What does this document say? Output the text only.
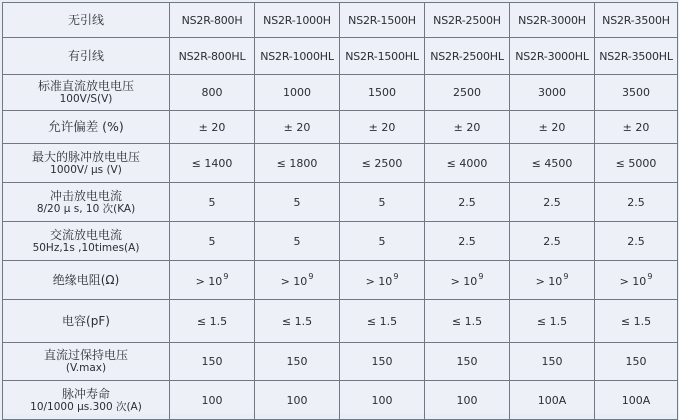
无引线	NS2R-800H	NS2R-1000H	NS2R-1500H	NS2R-2500H	NS2R-3000H	NS2R-3500H
有引线	NS2R-800HL	NS2R-1000HL	NS2R-1500HL	NS2R-2500HL	NS2R-3000HL	NS2R-3500HL
标准直流放电电压
100V/S(V)	800	1000	1500	2500	3000	3500
允许偏差 (%)	± 20	± 20	± 20	± 20	± 20	± 20
最大的脉冲放电电压
1000V/ µs (V)	≤ 1400	≤ 1800	≤ 2500	≤ 4000	≤ 4500	≤ 5000
冲击放电电流
8/20 µ s, 10 次(KA)	5	5	5	2.5	2.5	2.5
交流放电电流
50Hz,1s ,10times(A)	5	5	5	2.5	2.5	2.5
绝缘电阻(Ω)	> $10^9$	> $10^9$	> $10^9$	> $10^9$	> $10^9$	> $10^9$
电容(pF)	≤ 1.5	≤ 1.5	≤ 1.5	≤ 1.5	≤ 1.5	≤ 1.5
直流过保持电压
(V.max)	150	150	150	150	150	150
脉冲寿命
10/1000 µs.300 次(A)	100	100	100	100	100A	100A
